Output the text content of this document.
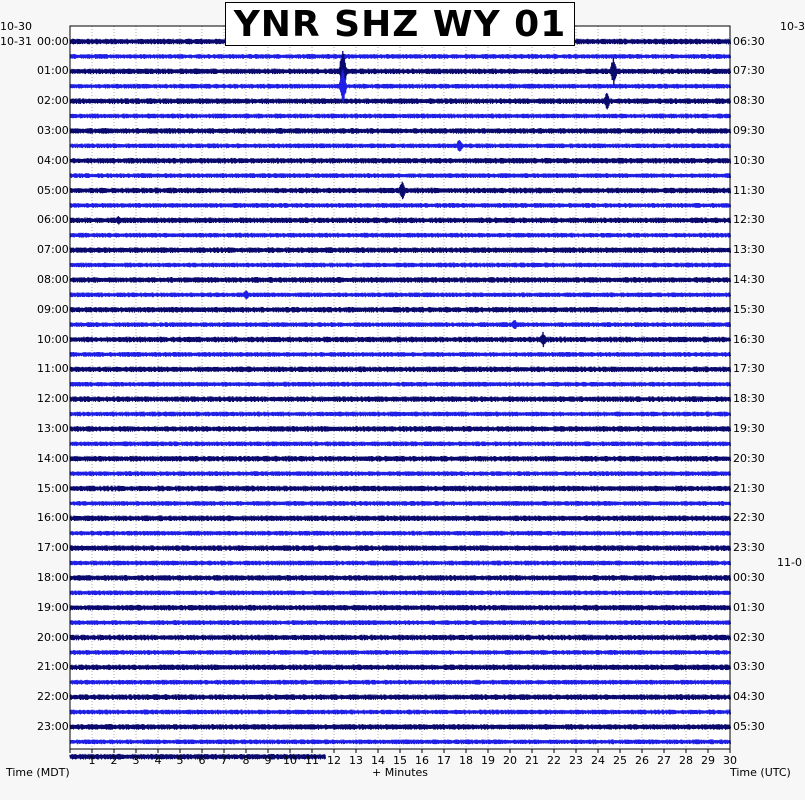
YNR SHZ WY 01
10-30
10-31
10-3
11-0
00:00
01:00
02:00
03:00
04:00
05:00
06:00
07:00
08:00
09:00
10:00
11:00
12:00
13:00
14:00
15:00
16:00
17:00
18:00
19:00
20:00
21:00
22:00
23:00
06:30
07:30
08:30
09:30
10:30
11:30
12:30
13:30
14:30
15:30
16:30
17:30
18:30
19:30
20:30
21:30
22:30
23:30
00:30
01:30
02:30
03:30
04:30
05:30
1 2 3 4 5 6 7 8 9 10 11 12 13 14 15 16 17 18 19 20 21 22 23 24 25 26 27 28 29 30
Time (MDT)	+ Minutes	Time (UTC)
